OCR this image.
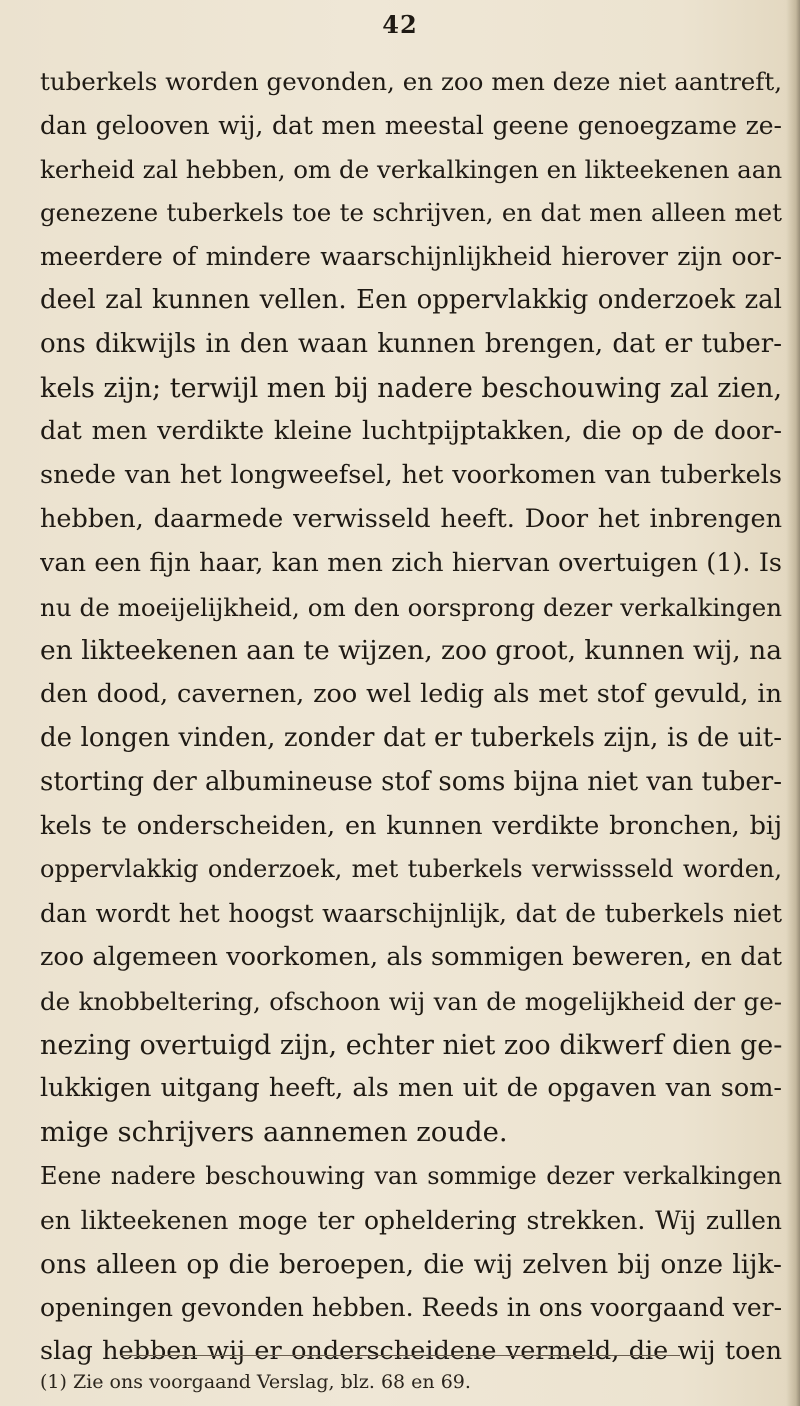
42
tuberkels worden gevonden, en zoo men deze niet aantreft,
dan gelooven wij, dat men meestal geene genoegzame ze-
kerheid zal hebben, om de verkalkingen en likteekenen aan
genezene tuberkels toe te schrijven, en dat men alleen met
meerdere of mindere waarschijnlijkheid hierover zijn oor-
deel zal kunnen vellen. Een oppervlakkig onderzoek zal
ons dikwijls in den waan kunnen brengen, dat er tuber-
kels zijn; terwijl men bij nadere beschouwing zal zien,
dat men verdikte kleine luchtpijptakken, die op de door-
snede van het longweefsel, het voorkomen van tuberkels
hebben, daarmede verwisseld heeft. Door het inbrengen
van een fijn haar, kan men zich hiervan overtuigen (1). Is
nu de moeijelijkheid, om den oorsprong dezer verkalkingen
en likteekenen aan te wijzen, zoo groot, kunnen wij, na
den dood, cavernen, zoo wel ledig als met stof gevuld, in
de longen vinden, zonder dat er tuberkels zijn, is de uit-
storting der albumineuse stof soms bijna niet van tuber-
kels te onderscheiden, en kunnen verdikte bronchen, bij
oppervlakkig onderzoek, met tuberkels verwissseld worden,
dan wordt het hoogst waarschijnlijk, dat de tuberkels niet
zoo algemeen voorkomen, als sommigen beweren, en dat
de knobbeltering, ofschoon wij van de mogelijkheid der ge-
nezing overtuigd zijn, echter niet zoo dikwerf dien ge-
lukkigen uitgang heeft, als men uit de opgaven van som-
mige schrijvers aannemen zoude.
Eene nadere beschouwing van sommige dezer verkalkingen
en likteekenen moge ter opheldering strekken. Wij zullen
ons alleen op die beroepen, die wij zelven bij onze lijk-
openingen gevonden hebben. Reeds in ons voorgaand ver-
slag hebben wij er onderscheidene vermeld, die wij toen
(1) Zie ons voorgaand Verslag, blz. 68 en 69.
